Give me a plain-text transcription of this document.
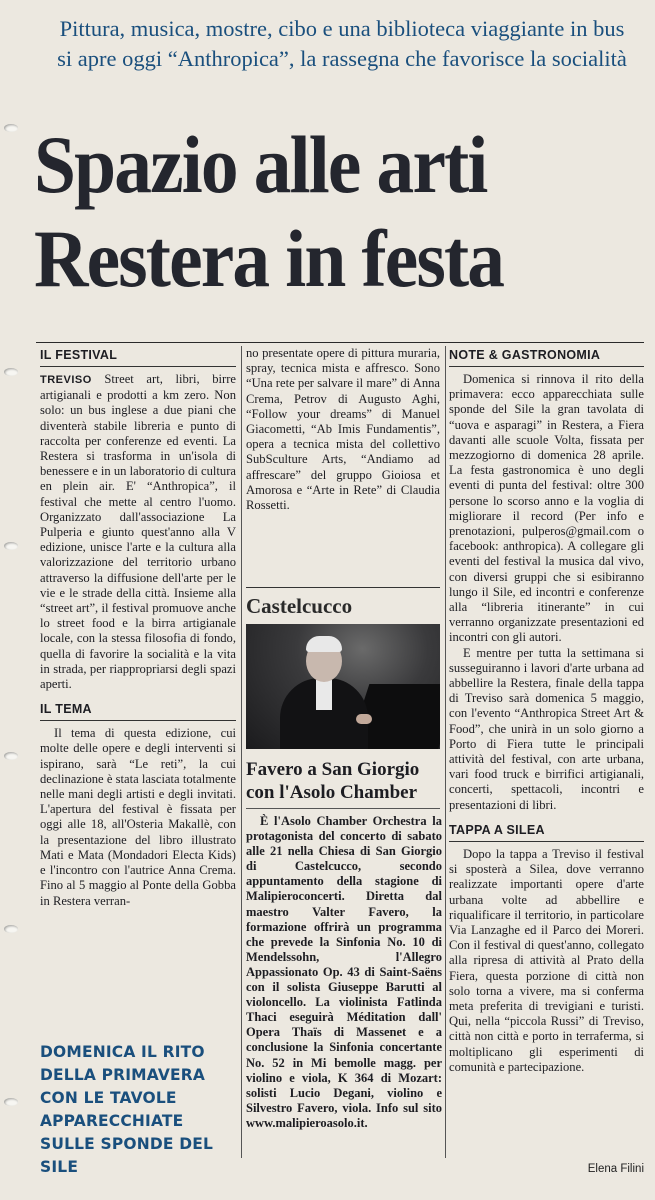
Pittura, musica, mostre, cibo e una biblioteca viaggiante in bus
si apre oggi “Anthropica”, la rassegna che favorisce la socialità
Spazio alle arti
Restera in festa
IL FESTIVAL

TREVISO Street art, libri, birre artigianali e prodotti a km zero. Non solo: un bus inglese a due piani che diventerà stabile libreria e punto di raccolta per conferenze ed eventi. La Restera si trasforma in un'isola di benessere e in un laboratorio di cultura en plein air. E' “Anthropica”, il festival che mette al centro l'uomo. Organizzato dall'associazione La Pulperia e giunto quest'anno alla V edizione, unisce l'arte e la cultura alla valorizzazione del territorio urbano attraverso la diffusione dell'arte per le vie e le strade della città. Insieme alla “street art”, il festival promuove anche lo street food e la birra artigianale locale, con la stessa filosofia di fondo, quella di favorire la socialità e la vita in strada, per riappropriarsi degli spazi aperti.

IL TEMA

Il tema di questa edizione, cui molte delle opere e degli interventi si ispirano, sarà “Le reti”, la cui declinazione è stata lasciata totalmente nelle mani degli artisti e degli invitati. L'apertura del festival è fissata per oggi alle 18, all'Osteria Makallè, con la presentazione del libro illustrato Mati e Mata (Mondadori Electa Kids) e l'incontro con l'autrice Anna Crema. Fino al 5 maggio al Ponte della Gobba in Restera verran-

DOMENICA IL RITO DELLA PRIMAVERA CON LE TAVOLE APPARECCHIATE SULLE SPONDE DEL SILE

no presentate opere di pittura muraria, spray, tecnica mista e affresco. Sono “Una rete per salvare il mare” di Anna Crema, Petrov di Augusto Aghi, “Follow your dreams” di Manuel Giacometti, “Ab Imis Fundamentis”, opera a tecnica mista del collettivo SubSculture Arts, “Andiamo ad affrescare” del gruppo Gioiosa et Amorosa e “Arte in Rete” di Claudia Rossetti.

Castelcucco
Favero a San Giorgio con l'Asolo Chamber

È l'Asolo Chamber Orchestra la protagonista del concerto di sabato alle 21 nella Chiesa di San Giorgio di Castelcucco, secondo appuntamento della stagione di Malipieroconcerti. Diretta dal maestro Valter Favero, la formazione offrirà un programma che prevede la Sinfonia No. 10 di Mendelssohn, l'Allegro Appassionato Op. 43 di Saint-Saëns con il solista Giuseppe Barutti al violoncello. La violinista Fatlinda Thaci eseguirà Méditation dall' Opera Thaïs di Massenet e a conclusione la Sinfonia concertante No. 52 in Mi bemolle magg. per violino e viola, K 364 di Mozart: solisti Lucio Degani, violino e Silvestro Favero, viola. Info sul sito www.malipieroasolo.it.

NOTE & GASTRONOMIA

Domenica si rinnova il rito della primavera: ecco apparecchiata sulle sponde del Sile la gran tavolata di “uova e asparagi” in Restera, a Fiera davanti alle scuole Volta, fissata per mezzogiorno di domenica 28 aprile. La festa gastronomica è uno degli eventi di punta del festival: oltre 300 persone lo scorso anno e la voglia di migliorare il record (Per info e prenotazioni, pulperos@gmail.com o facebook: anthropica). A collegare gli eventi del festival la musica dal vivo, con diversi gruppi che si esibiranno lungo il Sile, ed incontri e conferenze alla “libreria itinerante” in cui verranno organizzate presentazioni ed incontri con gli autori.

E mentre per tutta la settimana si susseguiranno i lavori d'arte urbana ad abbellire la Restera, finale della tappa di Treviso sarà domenica 5 maggio, con l'evento “Anthropica Street Art & Food”, che unirà in un solo giorno a Porto di Fiera tutte le principali attività del festival, con arte urbana, vari food truck e birrifici artigianali, concerti, spettacoli, incontri e presentazioni di libri.

TAPPA A SILEA

Dopo la tappa a Treviso il festival si sposterà a Silea, dove verranno realizzate importanti opere d'arte urbana volte ad abbellire e riqualificare il territorio, in particolare Via Lanzaghe ed il Parco dei Moreri. Con il festival di quest'anno, collegato alla ripresa di attività al Prato della Fiera, questa porzione di città non solo torna a vivere, ma si conferma meta preferita di trevigiani e turisti. Qui, nella “piccola Russi” di Treviso, città non città e porto in terraferma, si moltiplicano gli esperimenti di comunità e partecipazione.

Elena Filini
